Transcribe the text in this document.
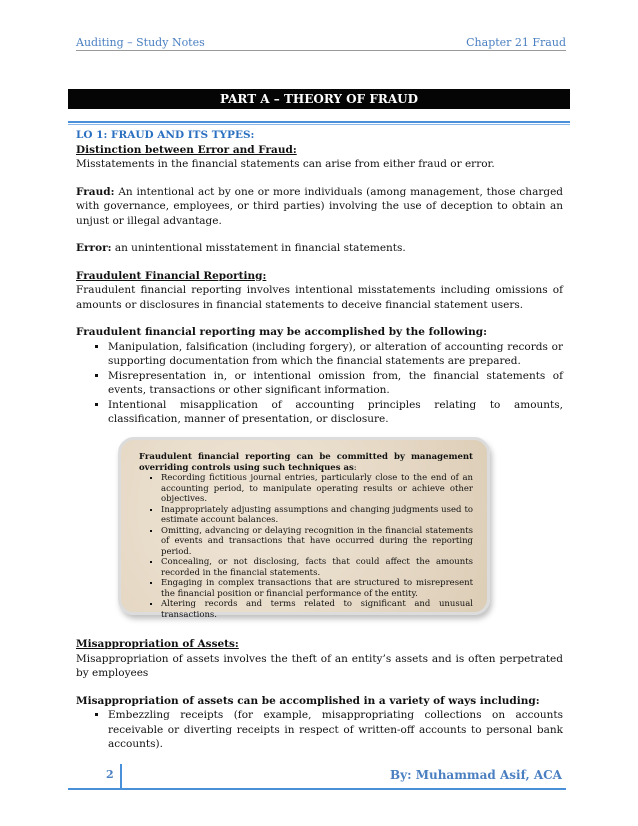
Auditing – Study Notes	Chapter 21 Fraud
PART A – THEORY OF FRAUD

LO 1: FRAUD AND ITS TYPES:

Distinction between Error and Fraud:

Misstatements in the financial statements can arise from either fraud or error.

Fraud: An intentional act by one or more individuals (among management, those charged with governance, employees, or third parties) involving the use of deception to obtain an unjust or illegal advantage.

Error: an unintentional misstatement in financial statements.

Fraudulent Financial Reporting:

Fraudulent financial reporting involves intentional misstatements including omissions of amounts or disclosures in financial statements to deceive financial statement users.

Fraudulent financial reporting may be accomplished by the following:

▪ Manipulation, falsification (including forgery), or alteration of accounting records or supporting documentation from which the financial statements are prepared.
▪ Misrepresentation in, or intentional omission from, the financial statements of events, transactions or other significant information.
▪ Intentional misapplication of accounting principles relating to amounts, classification, manner of presentation, or disclosure.

Fraudulent financial reporting can be committed by management overriding controls using such techniques as:

▪ Recording fictitious journal entries, particularly close to the end of an accounting period, to manipulate operating results or achieve other objectives.
▪ Inappropriately adjusting assumptions and changing judgments used to estimate account balances.
▪ Omitting, advancing or delaying recognition in the financial statements of events and transactions that have occurred during the reporting period.
▪ Concealing, or not disclosing, facts that could affect the amounts recorded in the financial statements.
▪ Engaging in complex transactions that are structured to misrepresent the financial position or financial performance of the entity.
▪ Altering records and terms related to significant and unusual transactions.

Misappropriation of Assets:

Misappropriation of assets involves the theft of an entity’s assets and is often perpetrated by employees

Misappropriation of assets can be accomplished in a variety of ways including:

▪ Embezzling receipts (for example, misappropriating collections on accounts receivable or diverting receipts in respect of written-off accounts to personal bank accounts).
2	By: Muhammad Asif, ACA
